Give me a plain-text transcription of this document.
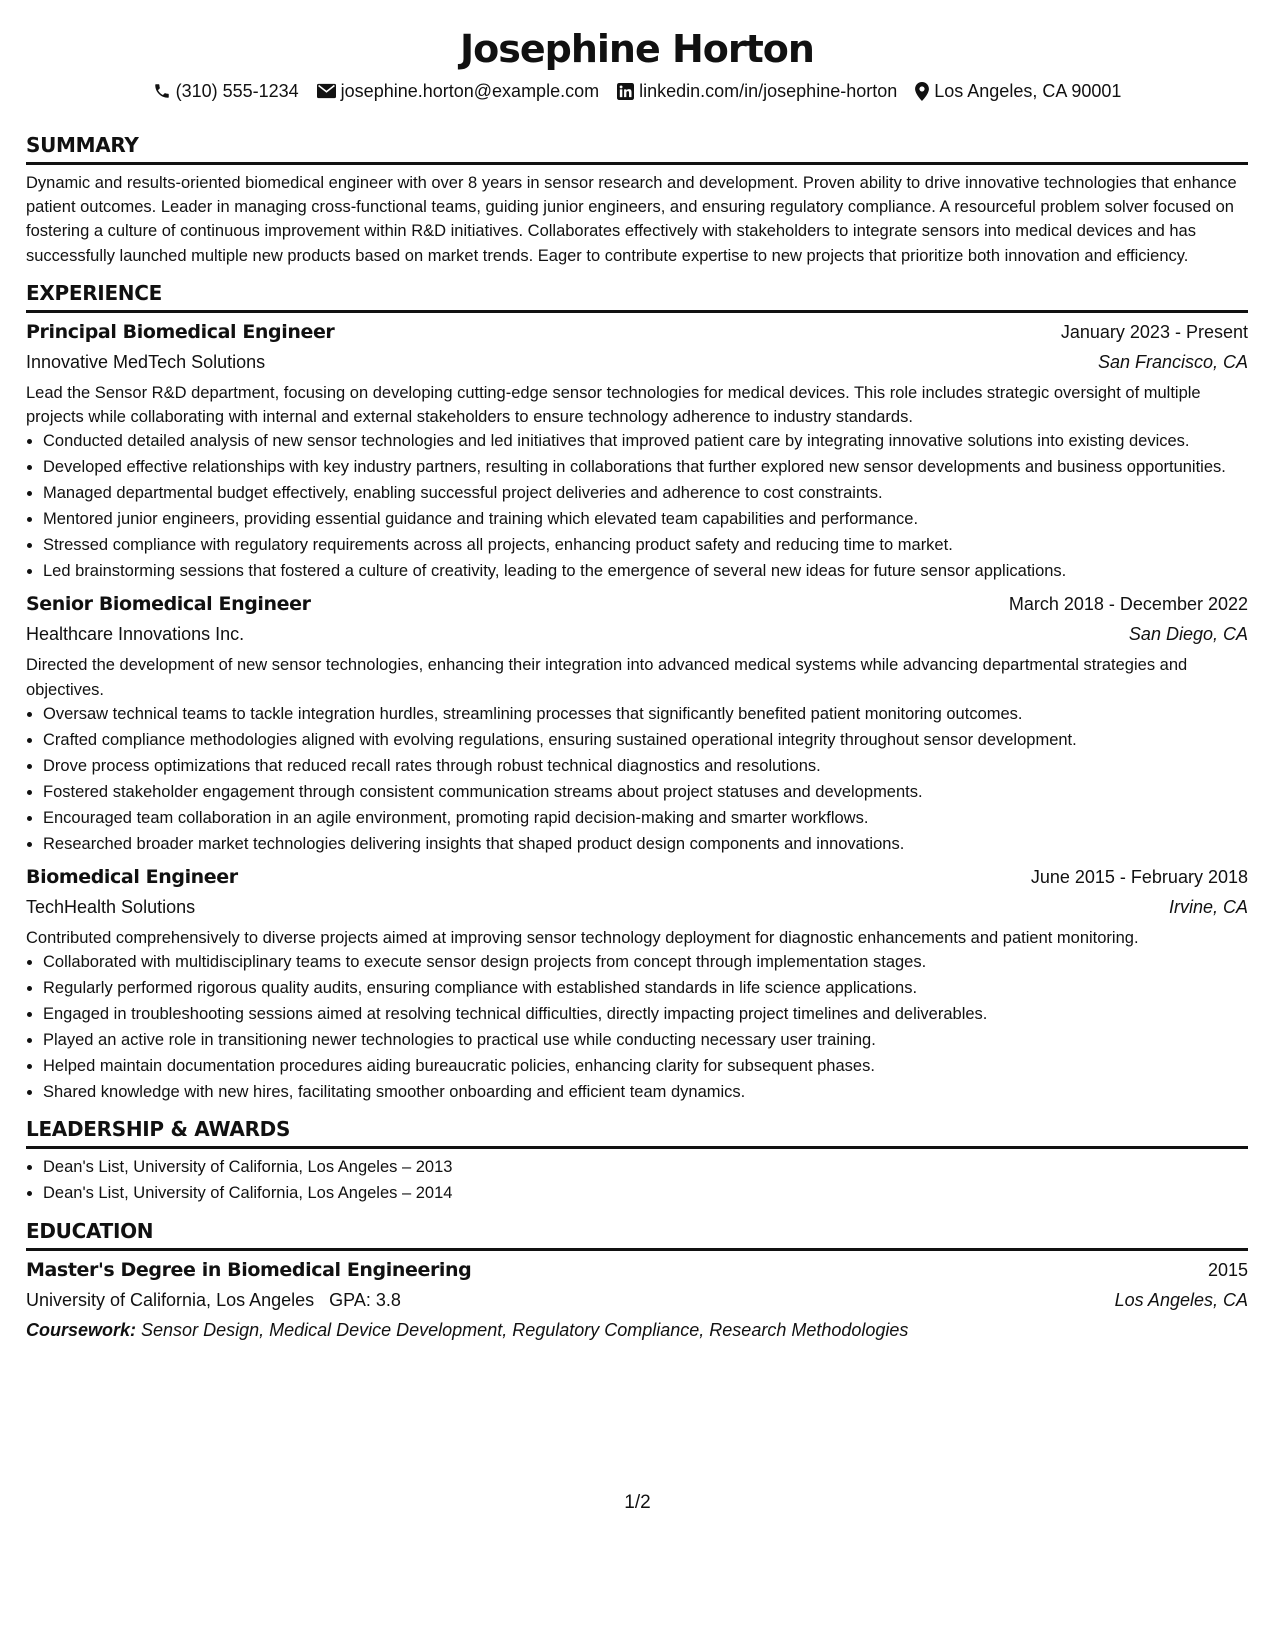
Josephine Horton
(310) 555-1234 josephine.horton@example.com linkedin.com/in/josephine-horton Los Angeles, CA 90001
SUMMARY
Dynamic and results-oriented biomedical engineer with over 8 years in sensor research and development. Proven ability to drive innovative technologies that enhance patient outcomes. Leader in managing cross-functional teams, guiding junior engineers, and ensuring regulatory compliance. A resourceful problem solver focused on fostering a culture of continuous improvement within R&D initiatives. Collaborates effectively with stakeholders to integrate sensors into medical devices and has successfully launched multiple new products based on market trends. Eager to contribute expertise to new projects that prioritize both innovation and efficiency.
EXPERIENCE
Principal Biomedical Engineer	January 2023 - Present
Innovative MedTech Solutions	San Francisco, CA
Lead the Sensor R&D department, focusing on developing cutting-edge sensor technologies for medical devices. This role includes strategic oversight of multiple projects while collaborating with internal and external stakeholders to ensure technology adherence to industry standards.
• Conducted detailed analysis of new sensor technologies and led initiatives that improved patient care by integrating innovative solutions into existing devices.
• Developed effective relationships with key industry partners, resulting in collaborations that further explored new sensor developments and business opportunities.
• Managed departmental budget effectively, enabling successful project deliveries and adherence to cost constraints.
• Mentored junior engineers, providing essential guidance and training which elevated team capabilities and performance.
• Stressed compliance with regulatory requirements across all projects, enhancing product safety and reducing time to market.
• Led brainstorming sessions that fostered a culture of creativity, leading to the emergence of several new ideas for future sensor applications.
Senior Biomedical Engineer	March 2018 - December 2022
Healthcare Innovations Inc.	San Diego, CA
Directed the development of new sensor technologies, enhancing their integration into advanced medical systems while advancing departmental strategies and objectives.
• Oversaw technical teams to tackle integration hurdles, streamlining processes that significantly benefited patient monitoring outcomes.
• Crafted compliance methodologies aligned with evolving regulations, ensuring sustained operational integrity throughout sensor development.
• Drove process optimizations that reduced recall rates through robust technical diagnostics and resolutions.
• Fostered stakeholder engagement through consistent communication streams about project statuses and developments.
• Encouraged team collaboration in an agile environment, promoting rapid decision-making and smarter workflows.
• Researched broader market technologies delivering insights that shaped product design components and innovations.
Biomedical Engineer	June 2015 - February 2018
TechHealth Solutions	Irvine, CA
Contributed comprehensively to diverse projects aimed at improving sensor technology deployment for diagnostic enhancements and patient monitoring.
• Collaborated with multidisciplinary teams to execute sensor design projects from concept through implementation stages.
• Regularly performed rigorous quality audits, ensuring compliance with established standards in life science applications.
• Engaged in troubleshooting sessions aimed at resolving technical difficulties, directly impacting project timelines and deliverables.
• Played an active role in transitioning newer technologies to practical use while conducting necessary user training.
• Helped maintain documentation procedures aiding bureaucratic policies, enhancing clarity for subsequent phases.
• Shared knowledge with new hires, facilitating smoother onboarding and efficient team dynamics.
LEADERSHIP & AWARDS
• Dean's List, University of California, Los Angeles – 2013
• Dean's List, University of California, Los Angeles – 2014
EDUCATION
Master's Degree in Biomedical Engineering	2015
University of California, Los Angeles   GPA: 3.8	Los Angeles, CA
Coursework: Sensor Design, Medical Device Development, Regulatory Compliance, Research Methodologies
1/2
